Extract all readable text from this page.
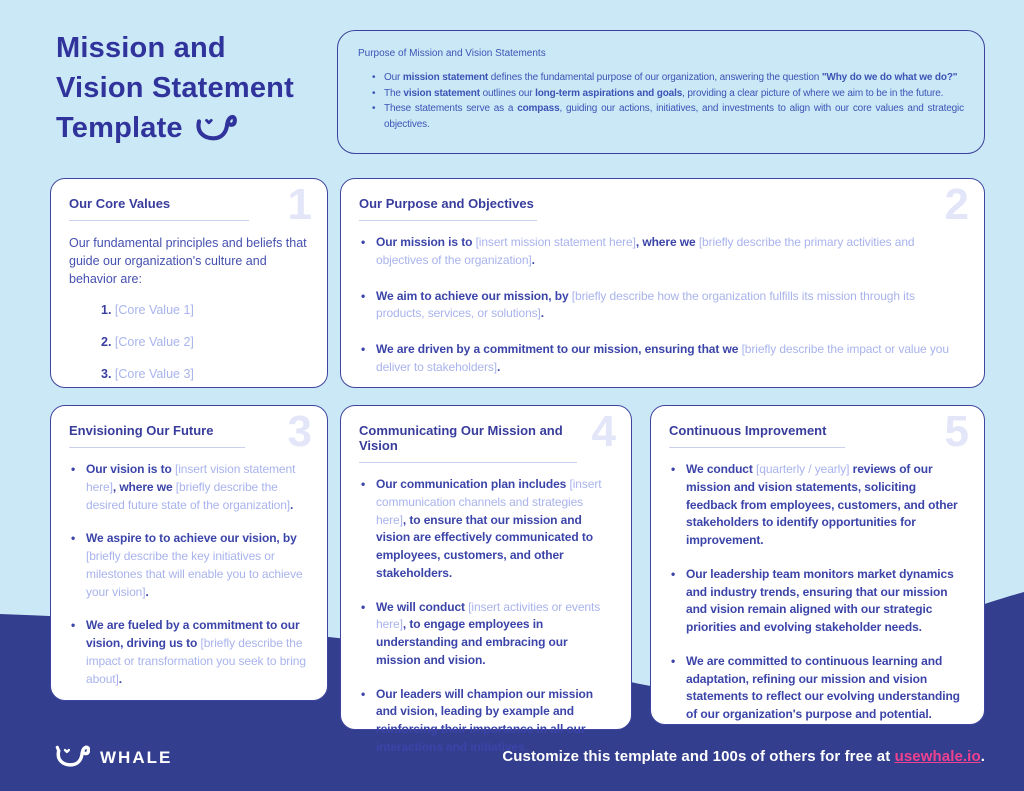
Mission and
Vision Statement
Template
Purpose of Mission and Vision Statements
• Our mission statement defines the fundamental purpose of our organization, answering the question "Why do we do what we do?"
• The vision statement outlines our long-term aspirations and goals, providing a clear picture of where we aim to be in the future.
• These statements serve as a compass, guiding our actions, initiatives, and investments to align with our core values and strategic objectives.
1
Our Core Values
Our fundamental principles and beliefs that guide our organization's culture and behavior are:
1. [Core Value 1]
2. [Core Value 2]
3. [Core Value 3]
2
Our Purpose and Objectives
• Our mission is to [insert mission statement here], where we [briefly describe the primary activities and objectives of the organization].
• We aim to achieve our mission, by [briefly describe how the organization fulfills its mission through its products, services, or solutions].
• We are driven by a commitment to our mission, ensuring that we [briefly describe the impact or value you deliver to stakeholders].
3
Envisioning Our Future
• Our vision is to [insert vision statement here], where we [briefly describe the desired future state of the organization].
• We aspire to to achieve our vision, by [briefly describe the key initiatives or milestones that will enable you to achieve your vision].
• We are fueled by a commitment to our vision, driving us to [briefly describe the impact or transformation you seek to bring about].
4
Communicating Our Mission and Vision
• Our communication plan includes [insert communication channels and strategies here], to ensure that our mission and vision are effectively communicated to employees, customers, and other stakeholders.
• We will conduct [insert activities or events here], to engage employees in understanding and embracing our mission and vision.
• Our leaders will champion our mission and vision, leading by example and reinforcing their importance in all our interactions and initiatives.
5
Continuous Improvement
• We conduct [quarterly / yearly] reviews of our mission and vision statements, soliciting feedback from employees, customers, and other stakeholders to identify opportunities for improvement.
• Our leadership team monitors market dynamics and industry trends, ensuring that our mission and vision remain aligned with our strategic priorities and evolving stakeholder needs.
• We are committed to continuous learning and adaptation, refining our mission and vision statements to reflect our evolving understanding of our organization's purpose and potential.
WHALE	Customize this template and 100s of others for free at usewhale.io.
